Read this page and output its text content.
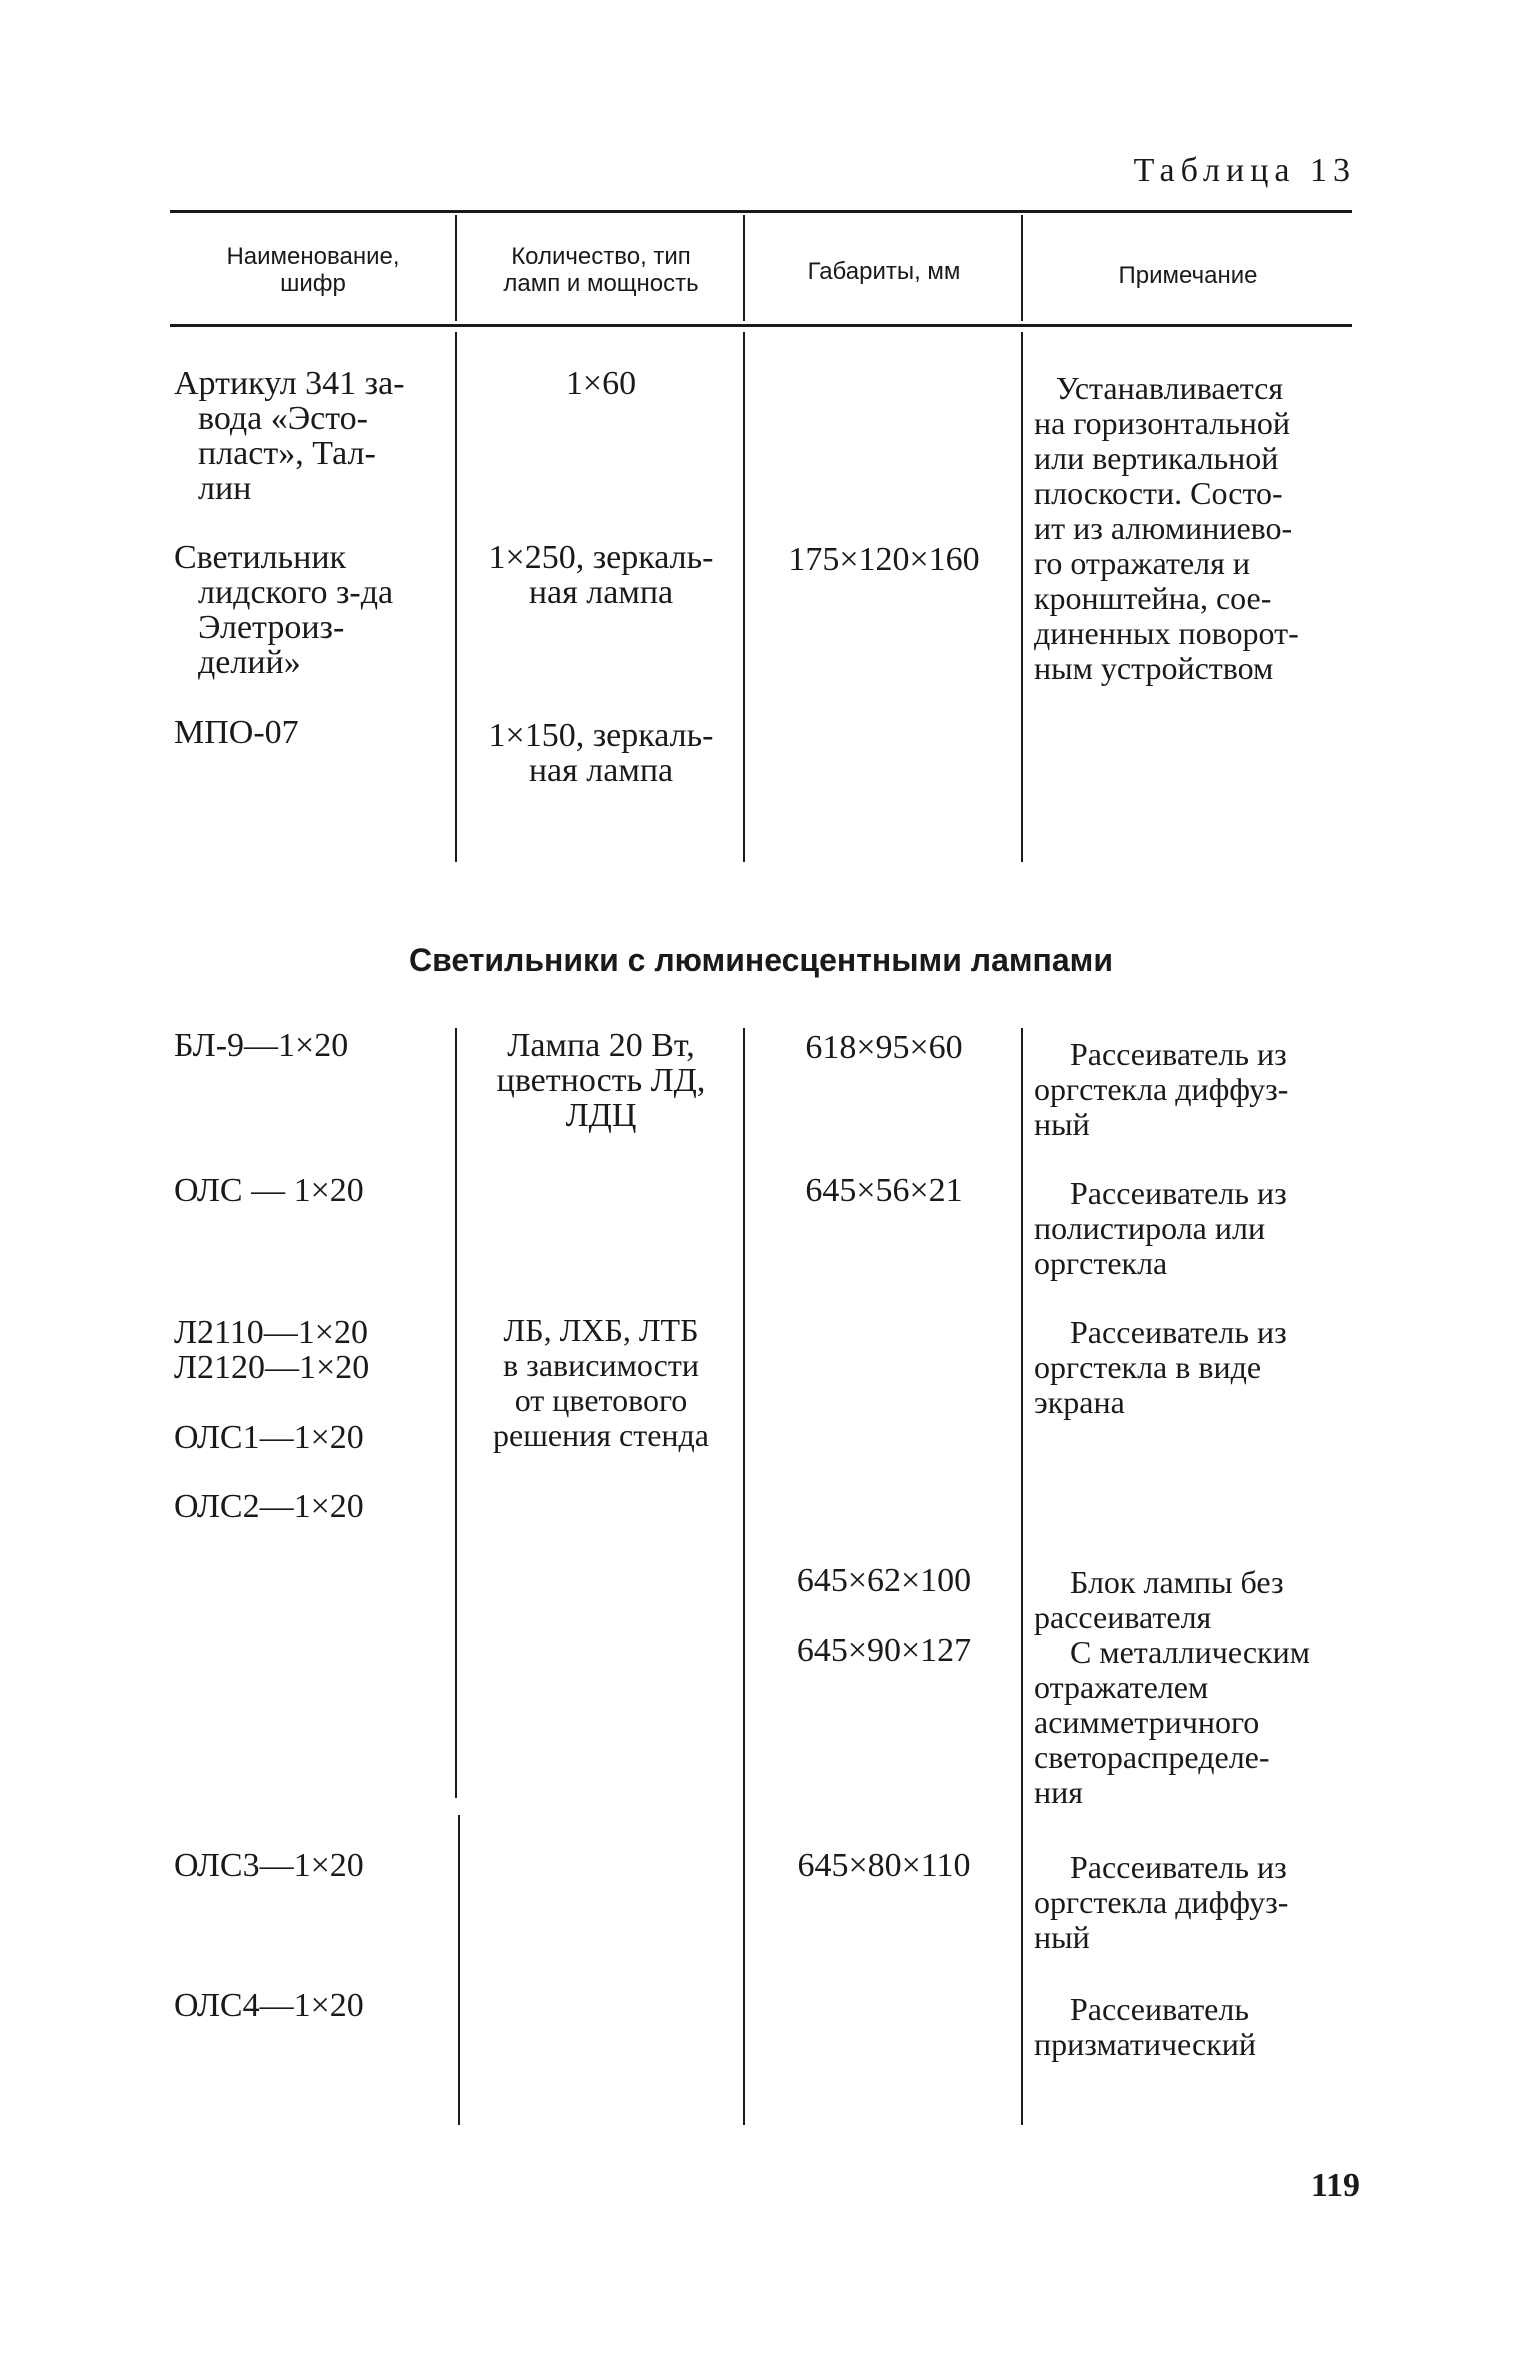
Таблица 13
Наименование,
шифр
Количество, тип
ламп и мощность	Габариты, мм	Примечание
Артикул 341 за-
вода «Эсто-
пласт», Тал-
лин
Светильник
лидского з-да
Элетроиз-
делий»
МПО-07
1×60
1×250, зеркаль-
ная лампа
1×150, зеркаль-
ная лампа
175×120×160
Устанавливается
на горизонтальной
или вертикальной
плоскости. Состо-
ит из алюминиево-
го отражателя и
кронштейна, сое-
диненных поворот-
ным устройством
Светильники с люминесцентными лампами
БЛ-9—1×20
ОЛС — 1×20
Л2110—1×20
Л2120—1×20
ОЛС1—1×20
ОЛС2—1×20
ОЛС3—1×20
ОЛС4—1×20
Лампа 20 Вт,
цветность ЛД,
ЛДЦ
ЛБ, ЛХБ, ЛТБ
в зависимости
от цветового
решения стенда
618×95×60
645×56×21
645×62×100
645×90×127
645×80×110
Рассеиватель из
оргстекла диффуз-
ный
Рассеиватель из
полистирола или
оргстекла
Рассеиватель из
оргстекла в виде
экрана
Блок лампы без
рассеивателя
С металлическим
отражателем
асимметричного
светораспределе-
ния
Рассеиватель из
оргстекла диффуз-
ный
Рассеиватель
призматический
119
